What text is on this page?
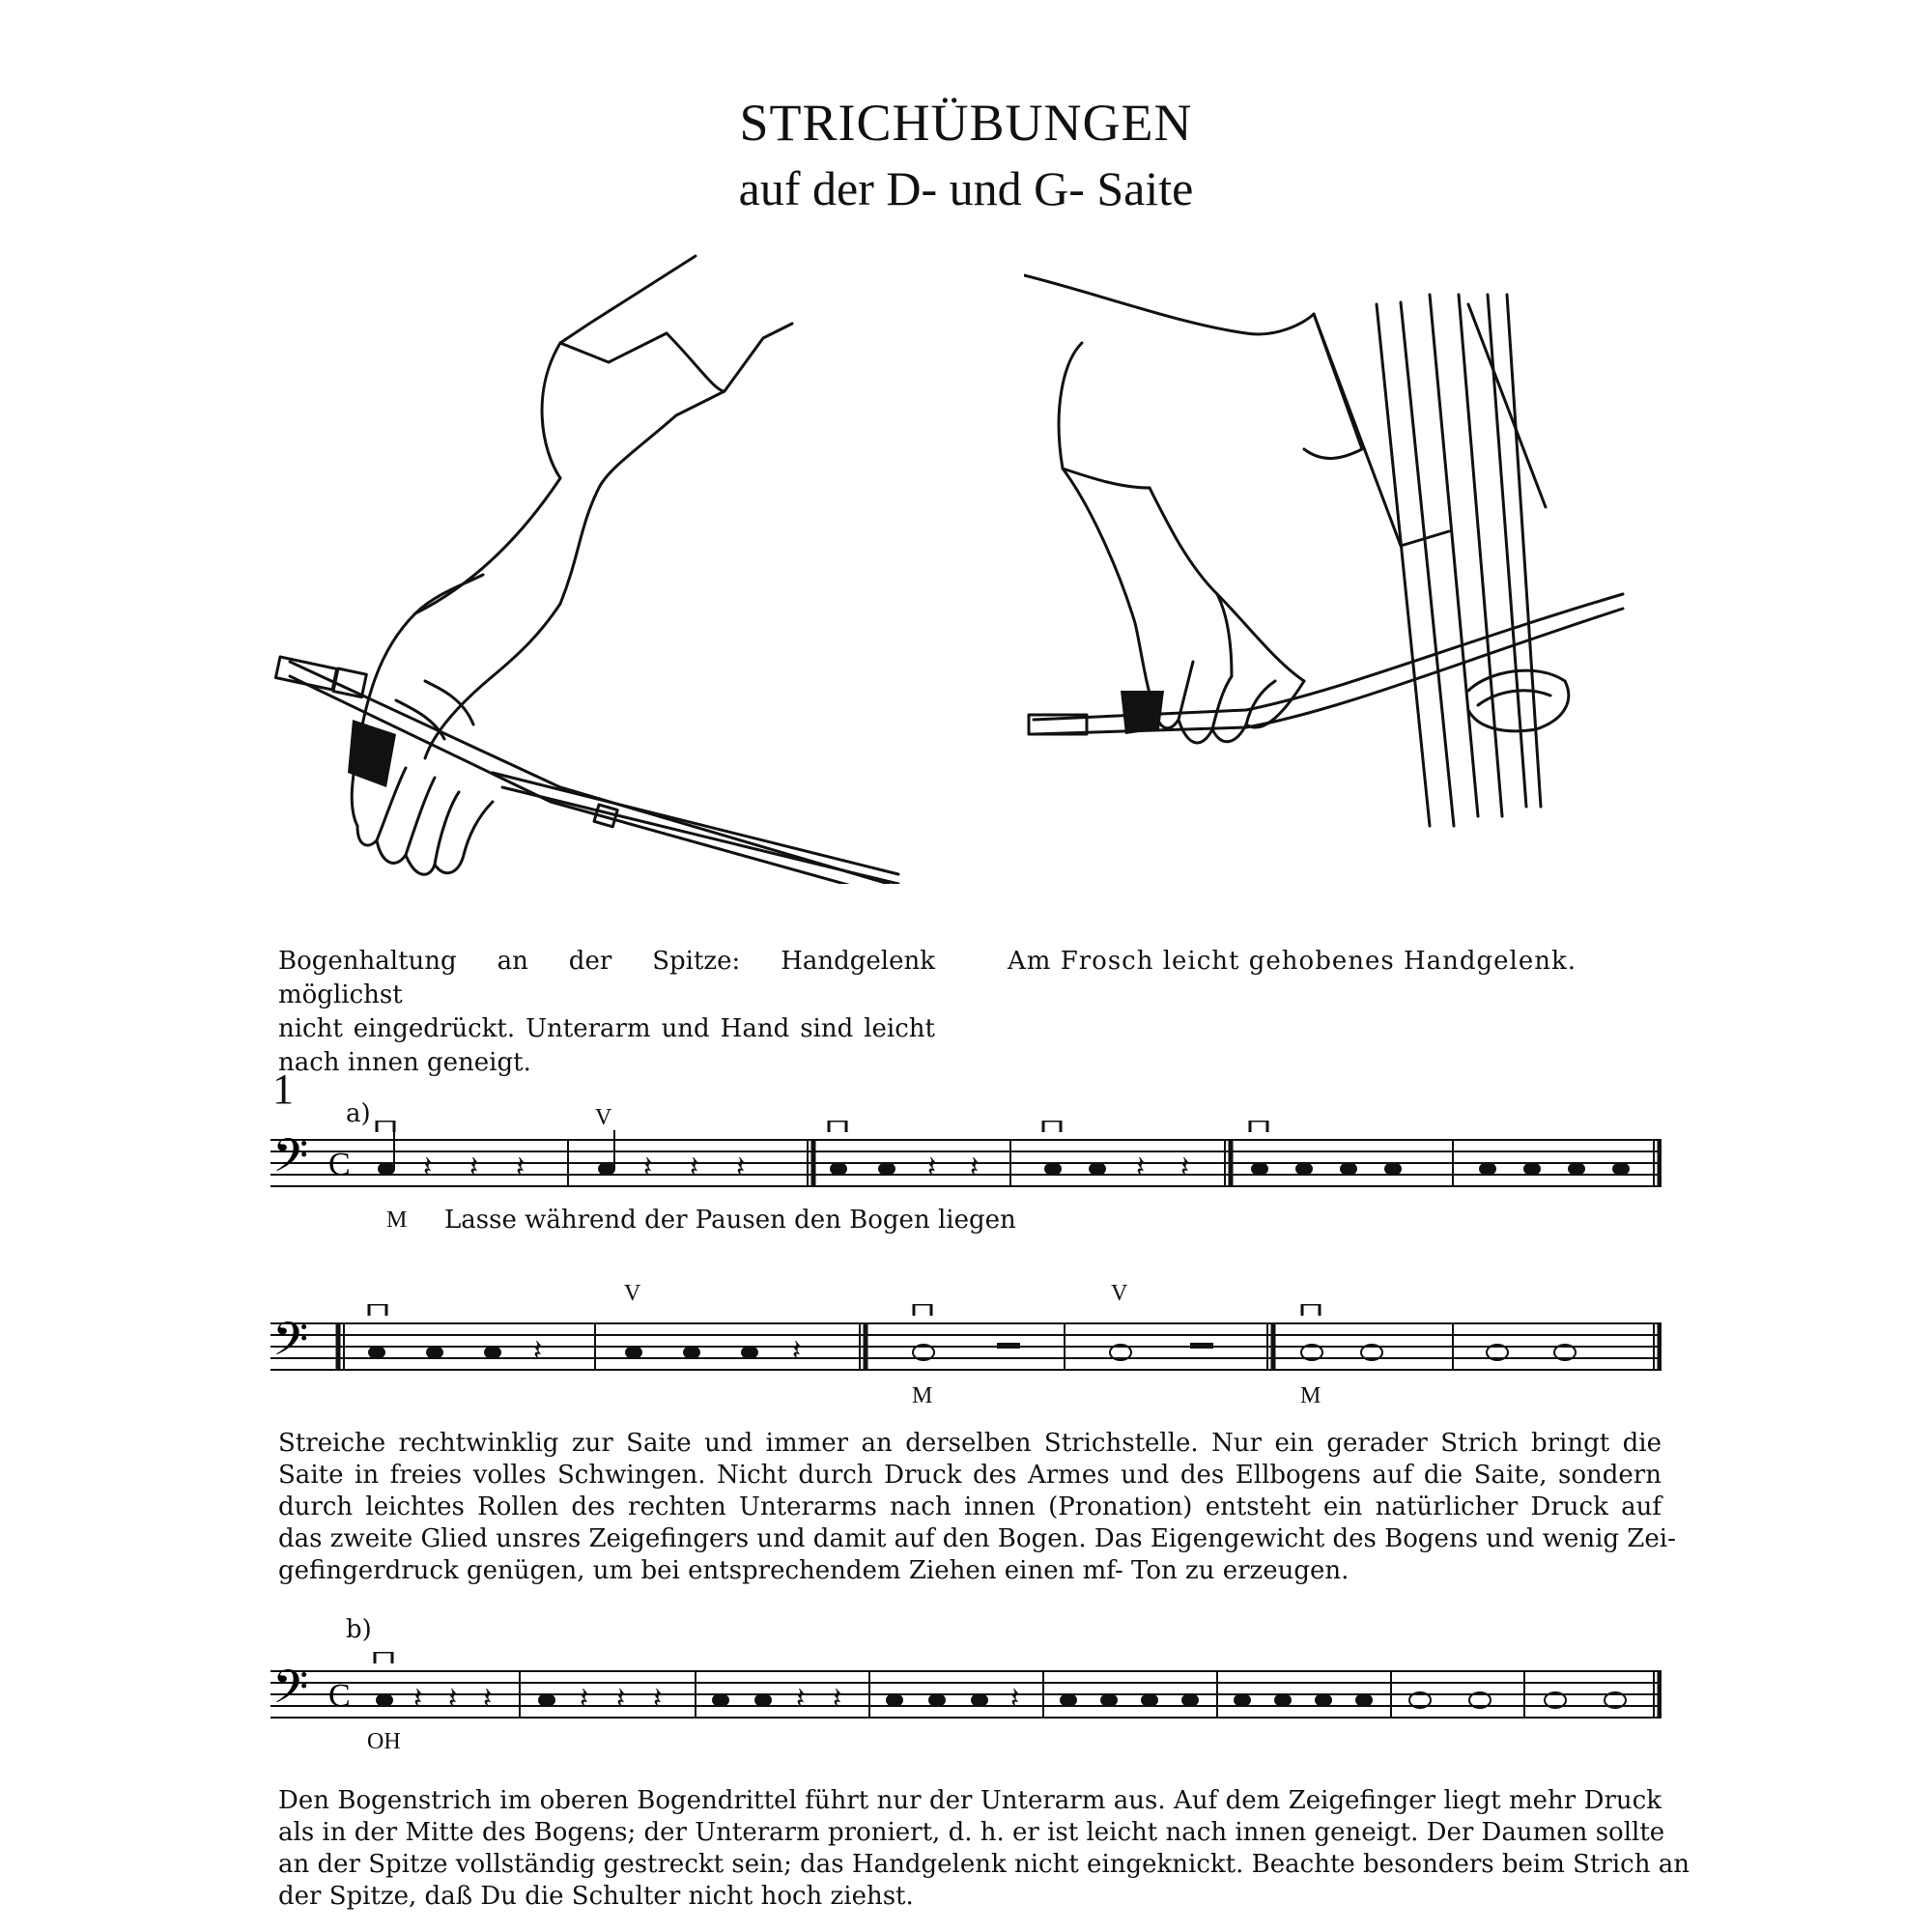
STRICHÜBUNGEN
auf der D- und G- Saite
Bogenhaltung an der Spitze: Handgelenk möglichst
nicht eingedrückt. Unterarm und Hand sind leicht
nach innen geneigt.
Am Frosch leicht gehobenes Handgelenk.
1
a)
b)
𝄢 C	𝄽 𝄽 𝄽	𝄽 𝄽 𝄽	𝄽 𝄽	𝄽 𝄽
V
M Lasse während der Pausen den Bogen liegen
𝄢	𝄽	𝄽
V	V
M	M
Streiche rechtwinklig zur Saite und immer an derselben Strichstelle. Nur ein gerader Strich bringt die
Saite in freies volles Schwingen. Nicht durch Druck des Armes und des Ellbogens auf die Saite, sondern
durch leichtes Rollen des rechten Unterarms nach innen (Pronation) entsteht ein natürlicher Druck auf
das zweite Glied unsres Zeigefingers und damit auf den Bogen. Das Eigengewicht des Bogens und wenig Zei-
gefingerdruck genügen, um bei entsprechendem Ziehen einen mf- Ton zu erzeugen.
𝄢 C 𝄽 𝄽 𝄽	𝄽 𝄽 𝄽	𝄽 𝄽	𝄽
OH
Den Bogenstrich im oberen Bogendrittel führt nur der Unterarm aus. Auf dem Zeigefinger liegt mehr Druck
als in der Mitte des Bogens; der Unterarm proniert, d. h. er ist leicht nach innen geneigt. Der Daumen sollte
an der Spitze vollständig gestreckt sein; das Handgelenk nicht eingeknickt. Beachte besonders beim Strich an
der Spitze, daß Du die Schulter nicht hoch ziehst.
